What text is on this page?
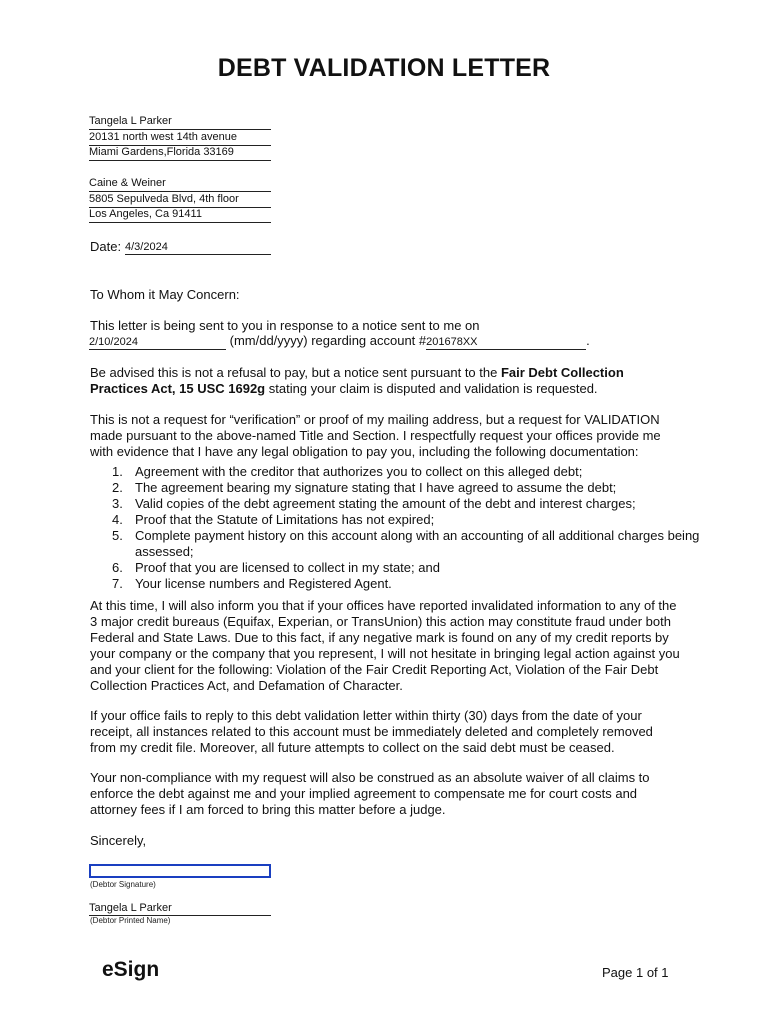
DEBT VALIDATION LETTER
Tangela L Parker
20131 north west 14th avenue
Miami Gardens,Florida 33169
Caine & Weiner
5805 Sepulveda Blvd, 4th floor
Los Angeles, Ca 91411
Date: 4/3/2024
To Whom it May Concern:
This letter is being sent to you in response to a notice sent to me on
2/10/2024	(mm/dd/yyyy) regarding account #201678XX	.
Be advised this is not a refusal to pay, but a notice sent pursuant to the Fair Debt Collection Practices Act, 15 USC 1692g stating your claim is disputed and validation is requested.
This is not a request for “verification” or proof of my mailing address, but a request for VALIDATION made pursuant to the above-named Title and Section. I respectfully request your offices provide me with evidence that I have any legal obligation to pay you, including the following documentation:
1. Agreement with the creditor that authorizes you to collect on this alleged debt;
2. The agreement bearing my signature stating that I have agreed to assume the debt;
3. Valid copies of the debt agreement stating the amount of the debt and interest charges;
4. Proof that the Statute of Limitations has not expired;
5. Complete payment history on this account along with an accounting of all additional charges being assessed;
6. Proof that you are licensed to collect in my state; and
7. Your license numbers and Registered Agent.
At this time, I will also inform you that if your offices have reported invalidated information to any of the 3 major credit bureaus (Equifax, Experian, or TransUnion) this action may constitute fraud under both Federal and State Laws. Due to this fact, if any negative mark is found on any of my credit reports by your company or the company that you represent, I will not hesitate in bringing legal action against you and your client for the following: Violation of the Fair Credit Reporting Act, Violation of the Fair Debt Collection Practices Act, and Defamation of Character.
If your office fails to reply to this debt validation letter within thirty (30) days from the date of your receipt, all instances related to this account must be immediately deleted and completely removed from my credit file. Moreover, all future attempts to collect on the said debt must be ceased.
Your non-compliance with my request will also be construed as an absolute waiver of all claims to enforce the debt against me and your implied agreement to compensate me for court costs and attorney fees if I am forced to bring this matter before a judge.
Sincerely,
(Debtor Signature)
Tangela L Parker
(Debtor Printed Name)
eSign	Page 1 of 1
